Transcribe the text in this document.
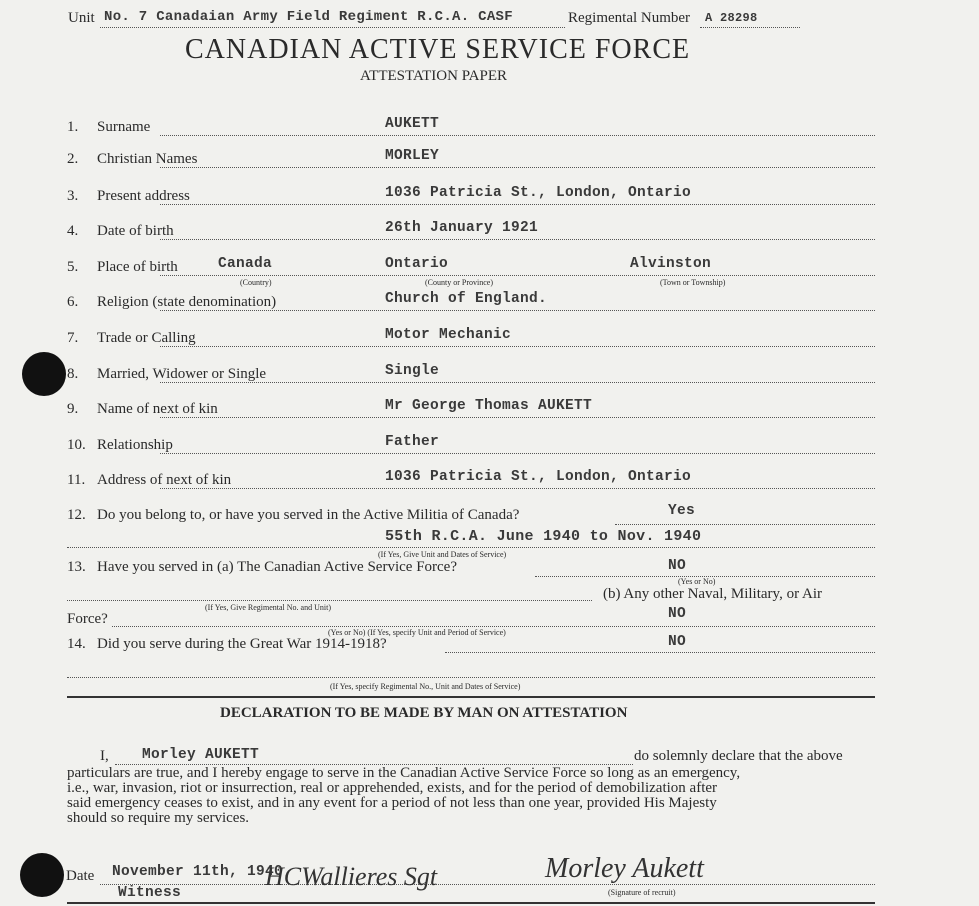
Unit No. 7 Canadaian Army Field Regiment R.C.A. CASF	Regimental Number A 28298
CANADIAN ACTIVE SERVICE FORCE
ATTESTATION PAPER
1. Surname	AUKETT
2. Christian Names	MORLEY
3. Present address	1036 Patricia St., London, Ontario
4. Date of birth	26th January 1921
5. Place of birth	Canada	Ontario	Alvinston
(Country)	(County or Province)	(Town or Township)
6. Religion (state denomination)	Church of England.
7. Trade or Calling	Motor Mechanic
8. Married, Widower or Single	Single
9. Name of next of kin	Mr George Thomas AUKETT
10. Relationship	Father
11. Address of next of kin	1036 Patricia St., London, Ontario
12. Do you belong to, or have you served in the Active Militia of Canada?	Yes
55th R.C.A. June 1940 to Nov. 1940
(If Yes, Give Unit and Dates of Service)
13. Have you served in (a) The Canadian Active Service Force?	NO
(Yes or No)
(b) Any other Naval, Military, or Air
(If Yes, Give Regimental No. and Unit)
Force?	NO
(Yes or No) (If Yes, specify Unit and Period of Service)
14. Did you serve during the Great War 1914-1918?	NO
(If Yes, specify Regimental No., Unit and Dates of Service)
DECLARATION TO BE MADE BY MAN ON ATTESTATION
I, Morley AUKETT	do solemnly declare that the above
particulars are true, and I hereby engage to serve in the Canadian Active Service Force so long as an emergency,
i.e., war, invasion, riot or insurrection, real or apprehended, exists, and for the period of demobilization after
said emergency ceases to exist, and in any event for a period of not less than one year, provided His Majesty
should so require my services.
Date November 11th, 1940
Witness
HCWallieres Sgt	Morley Aukett
(Signature of recruit)
